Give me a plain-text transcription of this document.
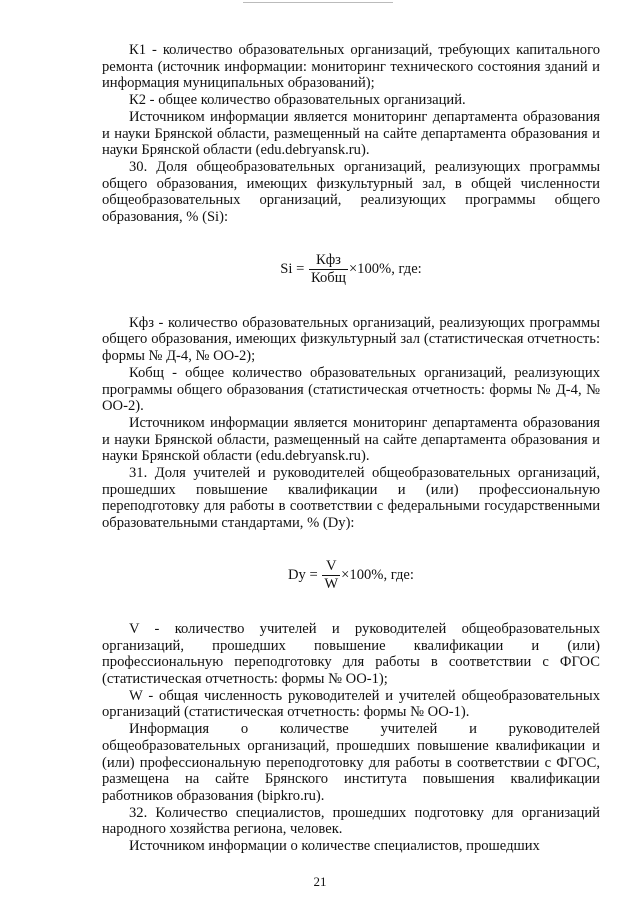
К1 - количество образовательных организаций, требующих капитального ремонта (источник информации: мониторинг технического состояния зданий и информация муниципальных образований);

К2 - общее количество образовательных организаций.

Источником информации является мониторинг департамента образования и науки Брянской области, размещенный на сайте департамента образования и науки Брянской области (edu.debryansk.ru).

30. Доля общеобразовательных организаций, реализующих программы общего образования, имеющих физкультурный зал, в общей численности общеобразовательных организаций, реализующих программы общего образования, % (Si):

$Si = \frac{\text{Кфз}}{\text{Кобщ}} \times 100\%$, где:

Кфз - количество образовательных организаций, реализующих программы общего образования, имеющих физкультурный зал (статистическая отчетность: формы № Д-4, № ОО-2);

Кобщ - общее количество образовательных организаций, реализующих программы общего образования (статистическая отчетность: формы № Д-4, № ОО-2).

Источником информации является мониторинг департамента образования и науки Брянской области, размещенный на сайте департамента образования и науки Брянской области (edu.debryansk.ru).

31. Доля учителей и руководителей общеобразовательных организаций, прошедших повышение квалификации и (или) профессиональную переподготовку для работы в соответствии с федеральными государственными образовательными стандартами, % (Dy):

$Dy = \frac{V}{W} \times 100\%$, где:

V - количество учителей и руководителей общеобразовательных организаций, прошедших повышение квалификации и (или) профессиональную переподготовку для работы в соответствии с ФГОС (статистическая отчетность: формы № ОО-1);

W - общая численность руководителей и учителей общеобразовательных организаций (статистическая отчетность: формы № ОО-1).

Информация о количестве учителей и руководителей общеобразовательных организаций, прошедших повышение квалификации и (или) профессиональную переподготовку для работы в соответствии с ФГОС, размещена на сайте Брянского института повышения квалификации работников образования (bipkro.ru).

32. Количество специалистов, прошедших подготовку для организаций народного хозяйства региона, человек.

Источником информации о количестве специалистов, прошедших

21
